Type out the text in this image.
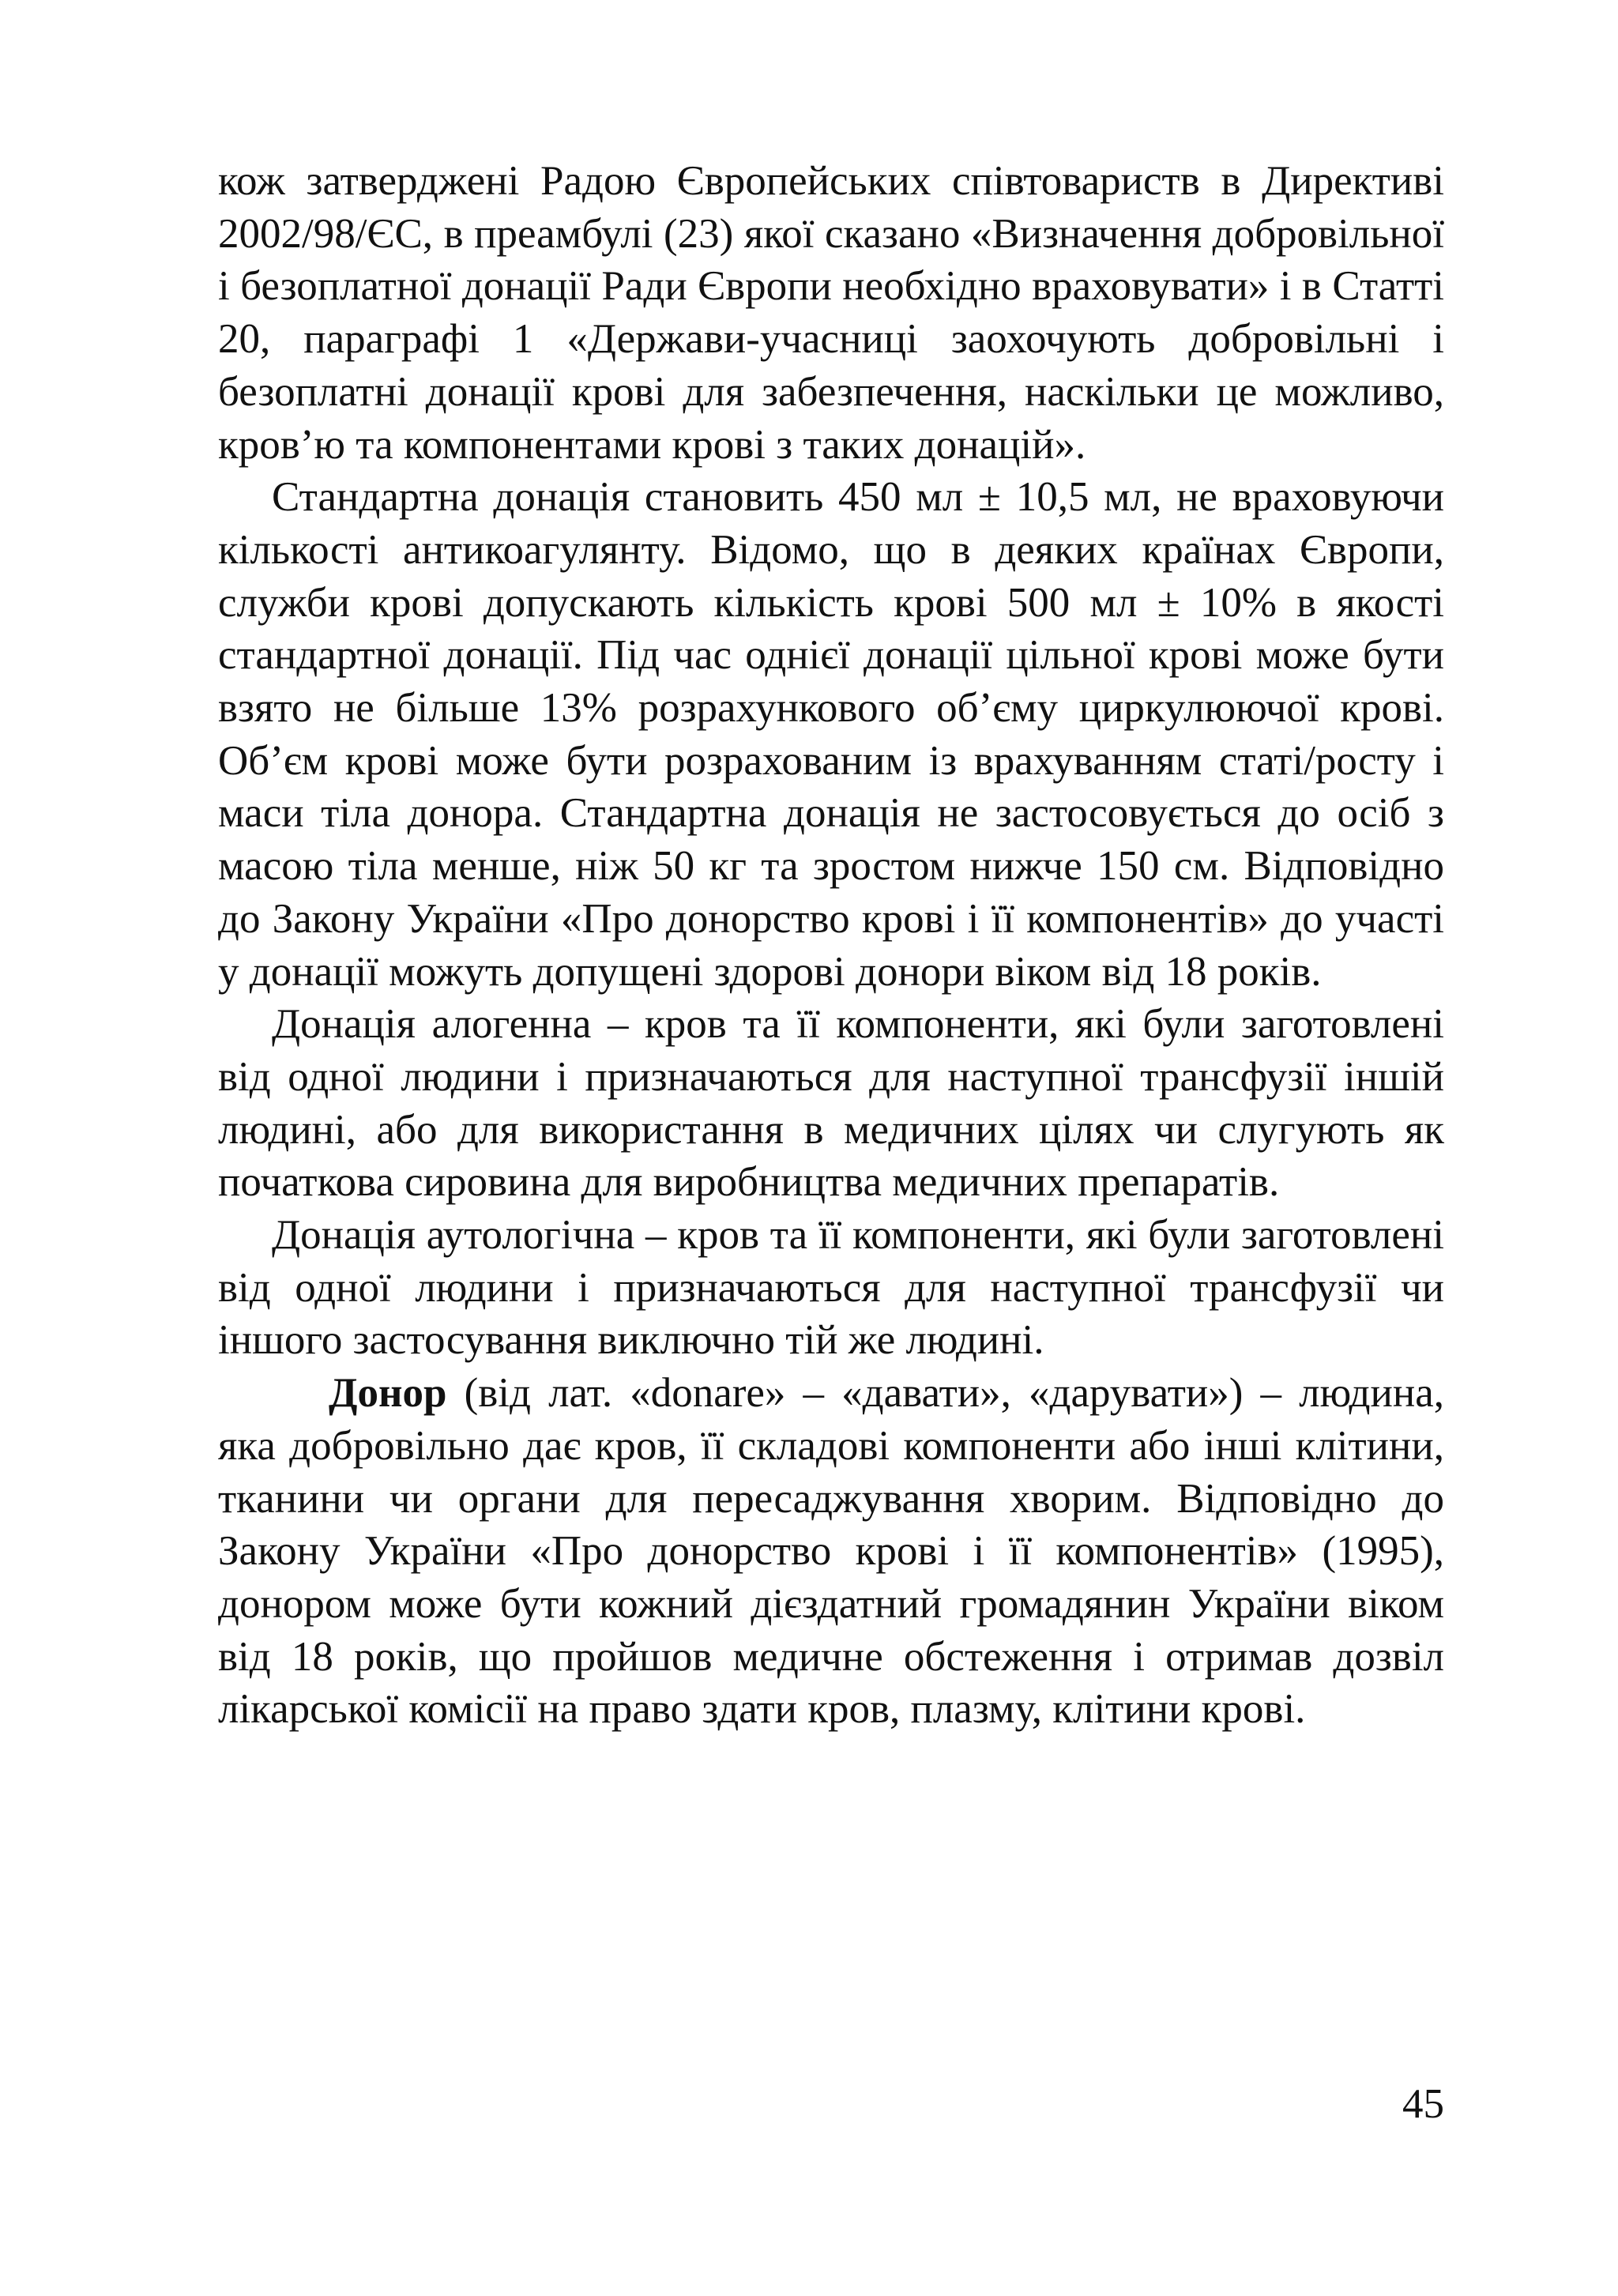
кож затверджені Радою Європейських співтовариств в Директиві 2002/98/ЄС, в преамбулі (23) якої сказано «Визначення добровільної і безоплатної донації Ради Європи необхідно враховувати» і в Статті 20, параграфі 1 «Держави-учасниці заохочують добровільні і безоплатні донації крові для забезпечення, наскільки це можливо, кров’ю та компонентами крові з таких донацій».

Стандартна донація становить 450 мл ± 10,5 мл, не враховуючи кількості антикоагулянту. Відомо, що в деяких країнах Європи, служби крові допускають кількість крові 500 мл ± 10% в якості стандартної донації. Під час однієї донації цільної крові може бути взято не більше 13% розрахункового об’єму циркулюючої крові. Об’єм крові може бути розрахованим із врахуванням статі/росту і маси тіла донора. Стандартна донація не застосовується до осіб з масою тіла менше, ніж 50 кг та зростом нижче 150 см. Відповідно до Закону України «Про донорство крові і її компонентів» до участі у донації можуть допущені здорові донори віком від 18 років.

Донація алогенна – кров та її компоненти, які були заготовлені від одної людини і призначаються для наступної трансфузії іншій людині, або для використання в медичних цілях чи слугують як початкова сировина для виробництва медичних препаратів.

Донація аутологічна – кров та її компоненти, які були заготовлені від одної людини і призначаються для наступної трансфузії чи іншого застосування виключно тій же людині.

Донор (від лат. «donare» – «давати», «дарувати») – людина, яка добровільно дає кров, її складові компоненти або інші клітини, тканини чи органи для пересаджування хворим. Відповідно до Закону України «Про донорство крові і її компонентів» (1995), донором може бути кожний дієздатний громадянин України віком від 18 років, що пройшов медичне обстеження і отримав дозвіл лікарської комісії на право здати кров, плазму, клітини крові.

45
